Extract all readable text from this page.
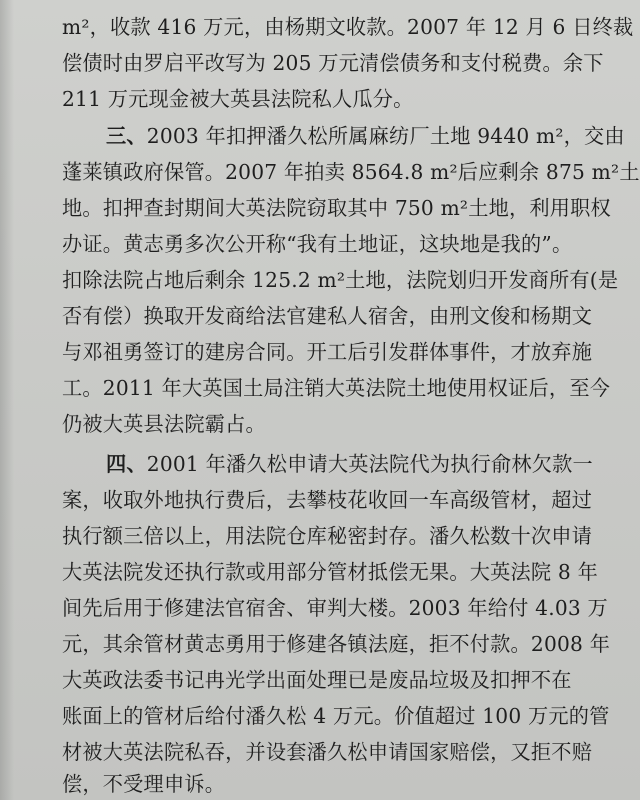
m²，收款 416 万元，由杨期文收款。2007 年 12 月 6 日终裁
偿债时由罗启平改写为 205 万元清偿债务和支付税费。余下
211 万元现金被大英县法院私人瓜分。
三、2003 年扣押潘久松所属麻纺厂土地 9440 m²，交由
蓬莱镇政府保管。2007 年拍卖 8564.8 m²后应剩余 875 m²土
地。扣押查封期间大英法院窃取其中 750 m²土地，利用职权
办证。黄志勇多次公开称“我有土地证，这块地是我的”。
扣除法院占地后剩余 125.2 m²土地，法院划归开发商所有(是
否有偿）换取开发商给法官建私人宿舍，由刑文俊和杨期文
与邓祖勇签订的建房合同。开工后引发群体事件，才放弃施
工。2011 年大英国土局注销大英法院土地使用权证后，至今
仍被大英县法院霸占。
四、2001 年潘久松申请大英法院代为执行俞林欠款一
案，收取外地执行费后，去攀枝花收回一车高级管材，超过
执行额三倍以上，用法院仓库秘密封存。潘久松数十次申请
大英法院发还执行款或用部分管材抵偿无果。大英法院 8 年
间先后用于修建法官宿舍、审判大楼。2003 年给付 4.03 万
元，其余管材黄志勇用于修建各镇法庭，拒不付款。2008 年
大英政法委书记冉光学出面处理已是废品垃圾及扣押不在
账面上的管材后给付潘久松 4 万元。价值超过 100 万元的管
材被大英法院私吞，并设套潘久松申请国家赔偿，又拒不赔
偿，不受理申诉。
